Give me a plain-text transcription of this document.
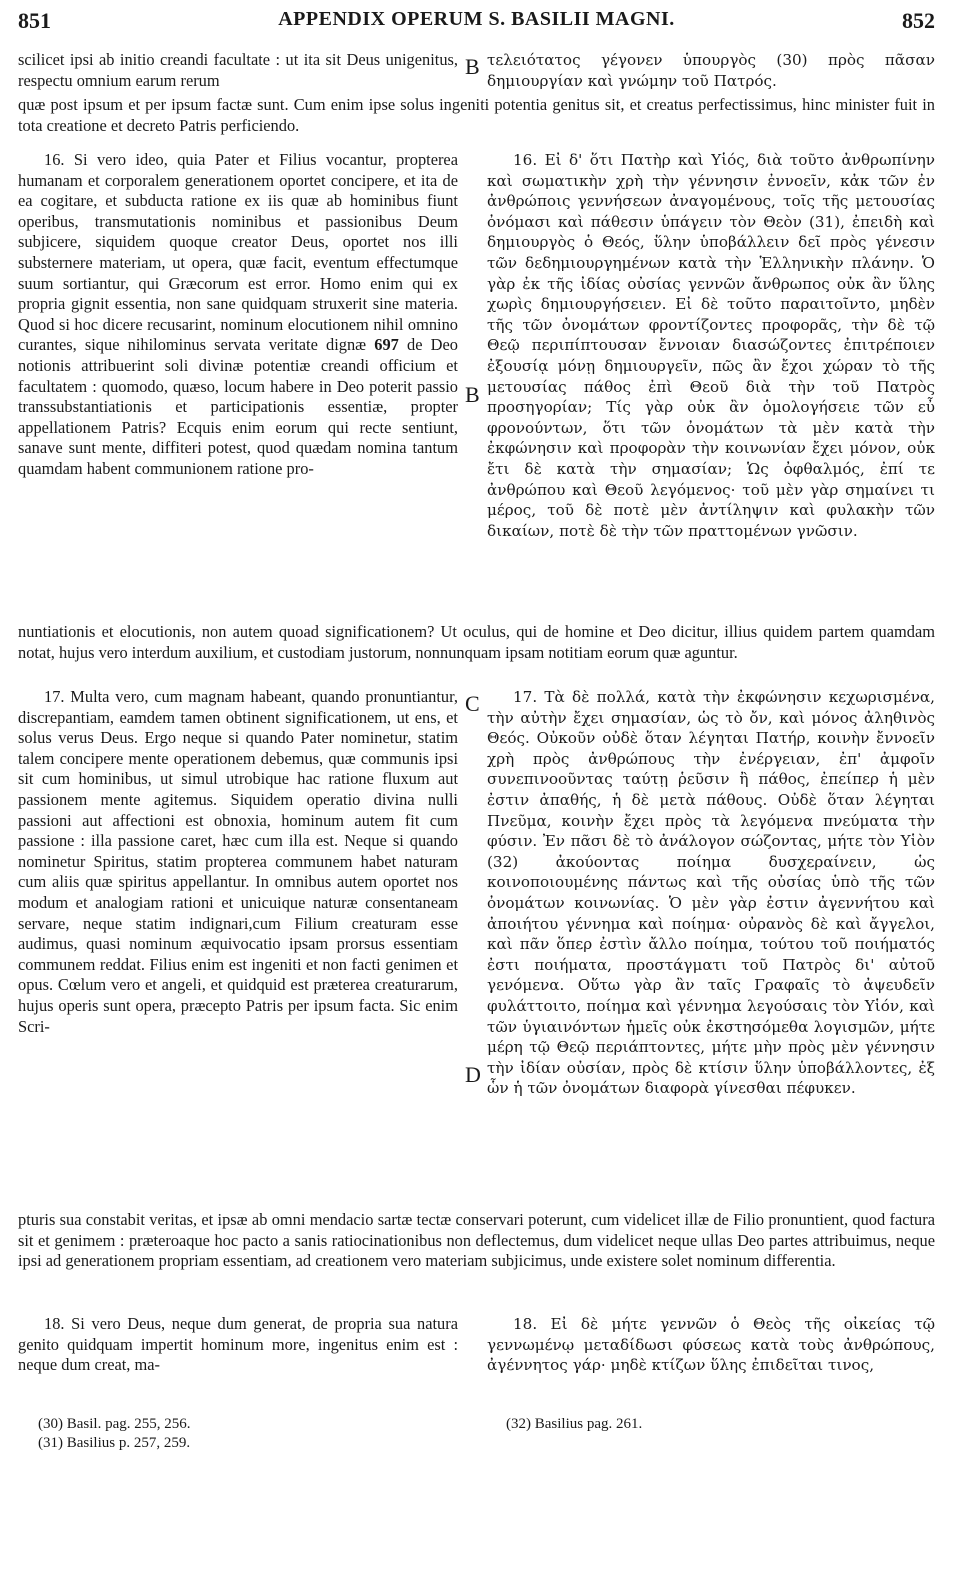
851	APPENDIX OPERUM S. BASILII MAGNI.	852

scilicet ipsi ab initio creandi facultate : ut ita sit Deus unigenitus, respectu omnium earum rerum

B τελειότατος γέγονεν ὑπουργὸς (30) πρὸς πᾶσαν δημιουργίαν καὶ γνώμην τοῦ Πατρός.

quæ post ipsum et per ipsum factæ sunt. Cum enim ipse solus ingeniti potentia genitus sit, et creatus perfectissimus, hinc minister fuit in tota creatione et decreto Patris perficiendo.

16. Si vero ideo, quia Pater et Filius vocantur, propterea humanam et corporalem generationem oportet concipere, et ita de ea cogitare, et subducta ratione ex iis quæ ab hominibus fiunt operibus, transmutationis nominibus et passionibus Deum subjicere, siquidem quoque creator Deus, oportet nos illi substernere materiam, ut opera, quæ facit, eventum effectumque suum sortiantur, qui Græcorum est error. Homo enim qui ex propria gignit essentia, non sane quidquam struxerit sine materia. Quod si hoc dicere recusarint, nominum elocutionem nihil omnino curantes, sique nihilominus servata veritate dignæ 697 de Deo notionis attribuerint soli divinæ potentiæ creandi officium et facultatem : quomodo, quæso, locum habere in Deo poterit passio transsubstantiationis et participationis essentiæ, propter appellationem Patris? Ecquis enim eorum qui recte sentiunt, sanave sunt mente, diffiteri potest, quod quædam nomina tantum quamdam habent communionem ratione pro-

B

16. Εἰ δ' ὅτι Πατὴρ καὶ Υἱός, διὰ τοῦτο ἀνθρωπίνην καὶ σωματικὴν χρὴ τὴν γέννησιν ἐννοεῖν, κἀκ τῶν ἐν ἀνθρώποις γεννήσεων ἀναγομένους, τοῖς τῆς μετουσίας ὀνόμασι καὶ πάθεσιν ὑπάγειν τὸν Θεὸν (31), ἐπειδὴ καὶ δημιουργὸς ὁ Θεός, ὕλην ὑποβάλλειν δεῖ πρὸς γένεσιν τῶν δεδημιουργημένων κατὰ τὴν Ἑλληνικὴν πλάνην. Ὁ γὰρ ἐκ τῆς ἰδίας οὐσίας γεννῶν ἄνθρωπος οὐκ ἂν ὕλης χωρὶς δημιουργήσειεν. Εἰ δὲ τοῦτο παραιτοῖντο, μηδὲν τῆς τῶν ὀνομάτων φροντίζοντες προφορᾶς, τὴν δὲ τῷ Θεῷ περιπίπτουσαν ἔννοιαν διασώζοντες ἐπιτρέποιεν ἐξουσίᾳ μόνῃ δημιουργεῖν, πῶς ἂν ἔχοι χώραν τὸ τῆς μετουσίας πάθος ἐπὶ Θεοῦ διὰ τὴν τοῦ Πατρὸς προσηγορίαν; Τίς γὰρ οὐκ ἂν ὁμολογήσειε τῶν εὖ φρονούντων, ὅτι τῶν ὀνομάτων τὰ μὲν κατὰ τὴν ἐκφώνησιν καὶ προφορὰν τὴν κοινωνίαν ἔχει μόνον, οὐκ ἔτι δὲ κατὰ τὴν σημασίαν; Ὡς ὀφθαλμός, ἐπί τε ἀνθρώπου καὶ Θεοῦ λεγόμενος· τοῦ μὲν γὰρ σημαίνει τι μέρος, τοῦ δὲ ποτὲ μὲν ἀντίληψιν καὶ φυλακὴν τῶν δικαίων, ποτὲ δὲ τὴν τῶν πραττομένων γνῶσιν.

nuntiationis et elocutionis, non autem quoad significationem? Ut oculus, qui de homine et Deo dicitur, illius quidem partem quamdam notat, hujus vero interdum auxilium, et custodiam justorum, nonnunquam ipsam notitiam eorum quæ aguntur.

17. Multa vero, cum magnam habeant, quando pronuntiantur, discrepantiam, eamdem tamen obtinent significationem, ut ens, et solus verus Deus. Ergo neque si quando Pater nominetur, statim talem concipere mente operationem debemus, quæ communis ipsi sit cum hominibus, ut simul utrobique hac ratione fluxum aut passionem mente agitemus. Siquidem operatio divina nulli passioni aut affectioni est obnoxia, hominum autem fit cum passione : illa passione caret, hæc cum illa est. Neque si quando nominetur Spiritus, statim propterea communem habet naturam cum aliis quæ spiritus appellantur. In omnibus autem oportet nos modum et analogiam rationi et unicuique naturæ consentaneam servare, neque statim indignari,cum Filium creaturam esse audimus, quasi nominum æquivocatio ipsam prorsus essentiam communem reddat. Filius enim est ingeniti et non facti genimen et opus. Cœlum vero et angeli, et quidquid est præterea creaturarum, hujus operis sunt opera, præcepto Patris per ipsum facta. Sic enim Scri-

C
D

17. Τὰ δὲ πολλά, κατὰ τὴν ἐκφώνησιν κεχωρισμένα, τὴν αὐτὴν ἔχει σημασίαν, ὡς τὸ ὄν, καὶ μόνος ἀληθινὸς Θεός. Οὐκοῦν οὐδὲ ὅταν λέγηται Πατήρ, κοινὴν ἔννοεῖν χρὴ πρὸς ἀνθρώπους τὴν ἐνέργειαν, ἐπ' ἀμφοῖν συνεπινοοῦντας ταύτῃ ῥεῦσιν ἢ πάθος, ἐπείπερ ἡ μὲν ἐστιν ἀπαθής, ἡ δὲ μετὰ πάθους. Οὐδὲ ὅταν λέγηται Πνεῦμα, κοινὴν ἔχει πρὸς τὰ λεγόμενα πνεύματα τὴν φύσιν. Ἐν πᾶσι δὲ τὸ ἀνάλογον σώζοντας, μήτε τὸν Υἱὸν (32) ἀκούοντας ποίημα δυσχεραίνειν, ὡς κοινοποιουμένης πάντως καὶ τῆς οὐσίας ὑπὸ τῆς τῶν ὀνομάτων κοινωνίας. Ὁ μὲν γὰρ ἐστιν ἀγεννήτου καὶ ἀποιήτου γέννημα καὶ ποίημα· οὐρανὸς δὲ καὶ ἄγγελοι, καὶ πᾶν ὅπερ ἐστὶν ἄλλο ποίημα, τούτου τοῦ ποιήματός ἐστι ποιήματα, προστάγματι τοῦ Πατρὸς δι' αὐτοῦ γενόμενα. Οὕτω γὰρ ἂν ταῖς Γραφαῖς τὸ ἀψευδεῖν φυλάττοιτο, ποίημα καὶ γέννημα λεγούσαις τὸν Υἱόν, καὶ τῶν ὑγιαινόντων ἡμεῖς οὐκ ἐκστησόμεθα λογισμῶν, μήτε μέρη τῷ Θεῷ περιάπτοντες, μήτε μὴν πρὸς μὲν γέννησιν τὴν ἰδίαν οὐσίαν, πρὸς δὲ κτίσιν ὕλην ὑποβάλλοντες, ἐξ ὧν ἡ τῶν ὀνομάτων διαφορὰ γίνεσθαι πέφυκεν.

pturis sua constabit veritas, et ipsæ ab omni mendacio sartæ tectæ conservari poterunt, cum videlicet illæ de Filio pronuntient, quod factura sit et genimem : præteroaque hoc pacto a sanis ratiocinationibus non deflectemus, dum videlicet neque ullas Deo partes attribuimus, neque ipsi ad generationem propriam essentiam, ad creationem vero materiam subjicimus, unde existere solet nominum differentia.

18. Si vero Deus, neque dum generat, de propria sua natura genito quidquam impertit hominum more, ingenitus enim est : neque dum creat, ma-

18. Εἰ δὲ μήτε γεννῶν ὁ Θεὸς τῆς οἰκείας τῷ γεννωμένῳ μεταδίδωσι φύσεως κατὰ τοὺς ἀνθρώπους, ἀγέννητος γάρ· μηδὲ κτίζων ὕλης ἐπιδεῖται τινος,

(30) Basil. pag. 255, 256.

(31) Basilius p. 257, 259.

(32) Basilius pag. 261.
